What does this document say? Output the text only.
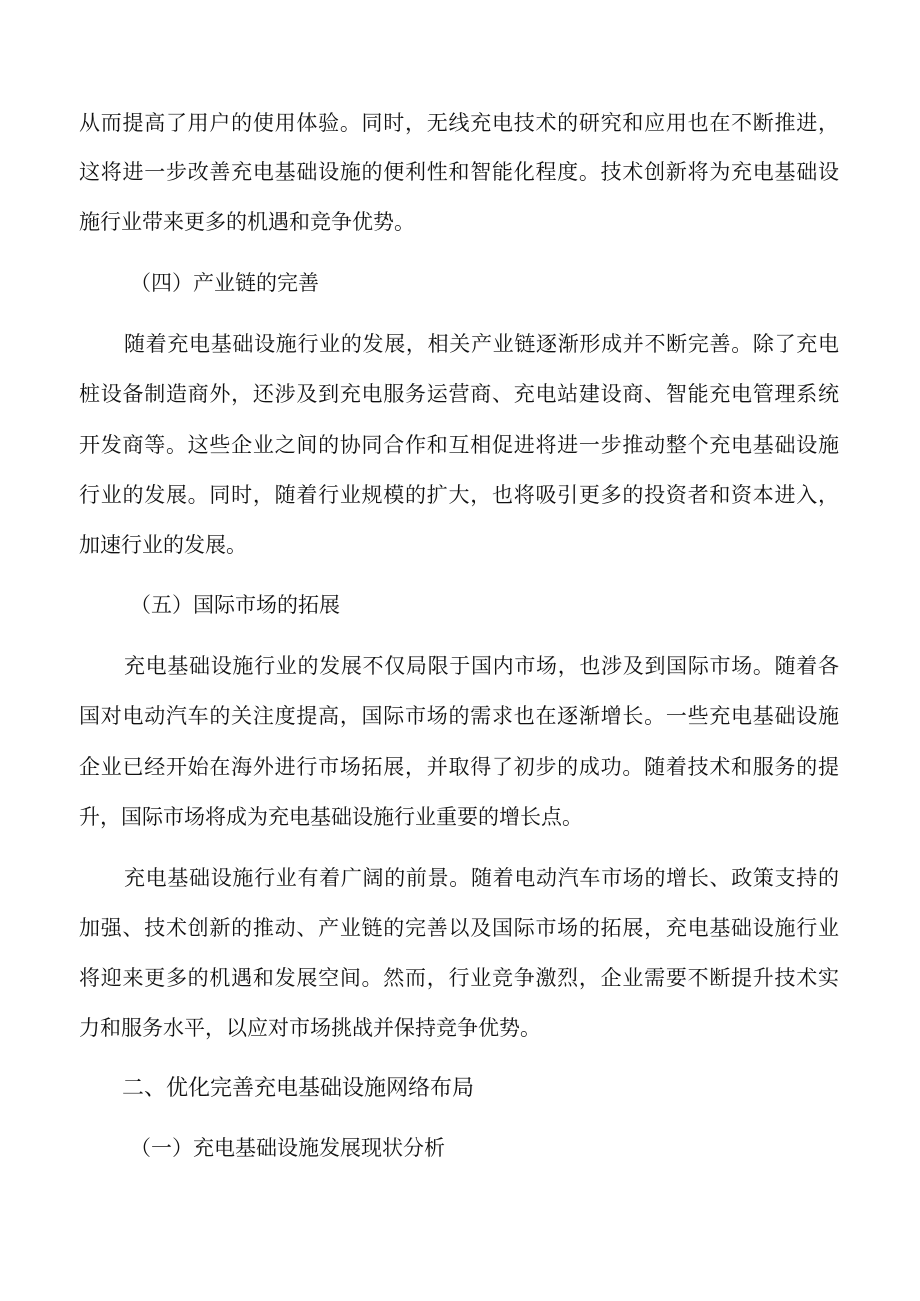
从而提高了用户的使用体验。同时，无线充电技术的研究和应用也在不断推进，
这将进一步改善充电基础设施的便利性和智能化程度。技术创新将为充电基础设
施行业带来更多的机遇和竞争优势。
（四）产业链的完善
随着充电基础设施行业的发展，相关产业链逐渐形成并不断完善。除了充电
桩设备制造商外，还涉及到充电服务运营商、充电站建设商、智能充电管理系统
开发商等。这些企业之间的协同合作和互相促进将进一步推动整个充电基础设施
行业的发展。同时，随着行业规模的扩大，也将吸引更多的投资者和资本进入，
加速行业的发展。
（五）国际市场的拓展
充电基础设施行业的发展不仅局限于国内市场，也涉及到国际市场。随着各
国对电动汽车的关注度提高，国际市场的需求也在逐渐增长。一些充电基础设施
企业已经开始在海外进行市场拓展，并取得了初步的成功。随着技术和服务的提
升，国际市场将成为充电基础设施行业重要的增长点。
充电基础设施行业有着广阔的前景。随着电动汽车市场的增长、政策支持的
加强、技术创新的推动、产业链的完善以及国际市场的拓展，充电基础设施行业
将迎来更多的机遇和发展空间。然而，行业竞争激烈，企业需要不断提升技术实
力和服务水平，以应对市场挑战并保持竞争优势。
二、优化完善充电基础设施网络布局
（一）充电基础设施发展现状分析
